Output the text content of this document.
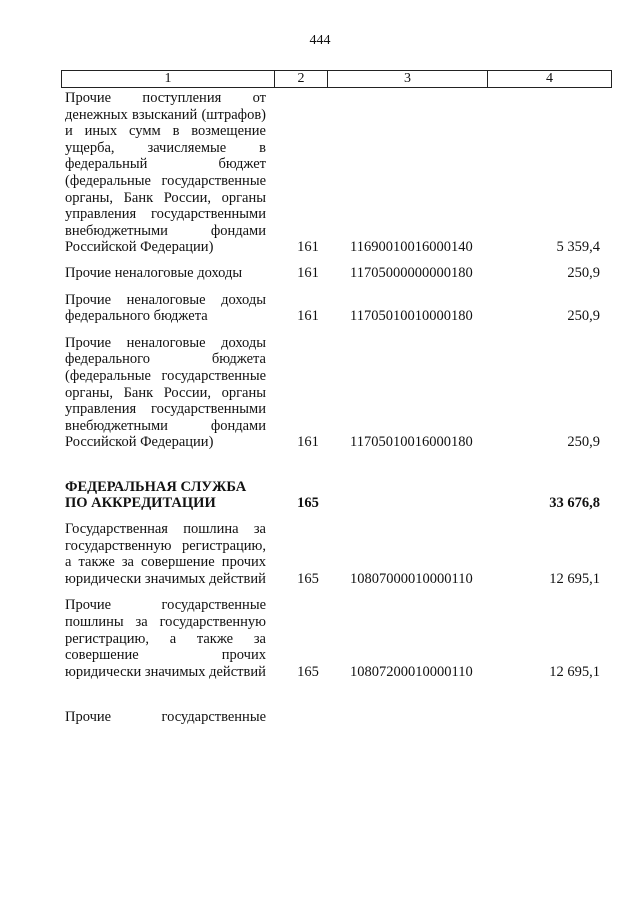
444
1	2	3	4
Прочие поступления от денежных взысканий (штрафов) и иных сумм в возмещение ущерба, зачисляемые в федеральный бюджет (федеральные государственные органы, Банк России, органы управления государственными внебюджетными фондами Российской Федерации)	161 11690010016000140	5 359,4
Прочие неналоговые доходы	161 11705000000000180	250,9
Прочие неналоговые доходы федерального бюджета	161 11705010010000180	250,9
Прочие неналоговые доходы федерального бюджета (федеральные государственные органы, Банк России, органы управления государственными внебюджетными фондами Российской Федерации)	161 11705010016000180	250,9
ФЕДЕРАЛЬНАЯ СЛУЖБА ПО АККРЕДИТАЦИИ	165	33 676,8
Государственная пошлина за государственную регистрацию, а также за совершение прочих юридически значимых действий 165 10807000010000110	12 695,1
Прочие государственные пошлины за государственную регистрацию, а также за совершение прочих юридически значимых действий 165 10807200010000110	12 695,1
Прочие государственные
